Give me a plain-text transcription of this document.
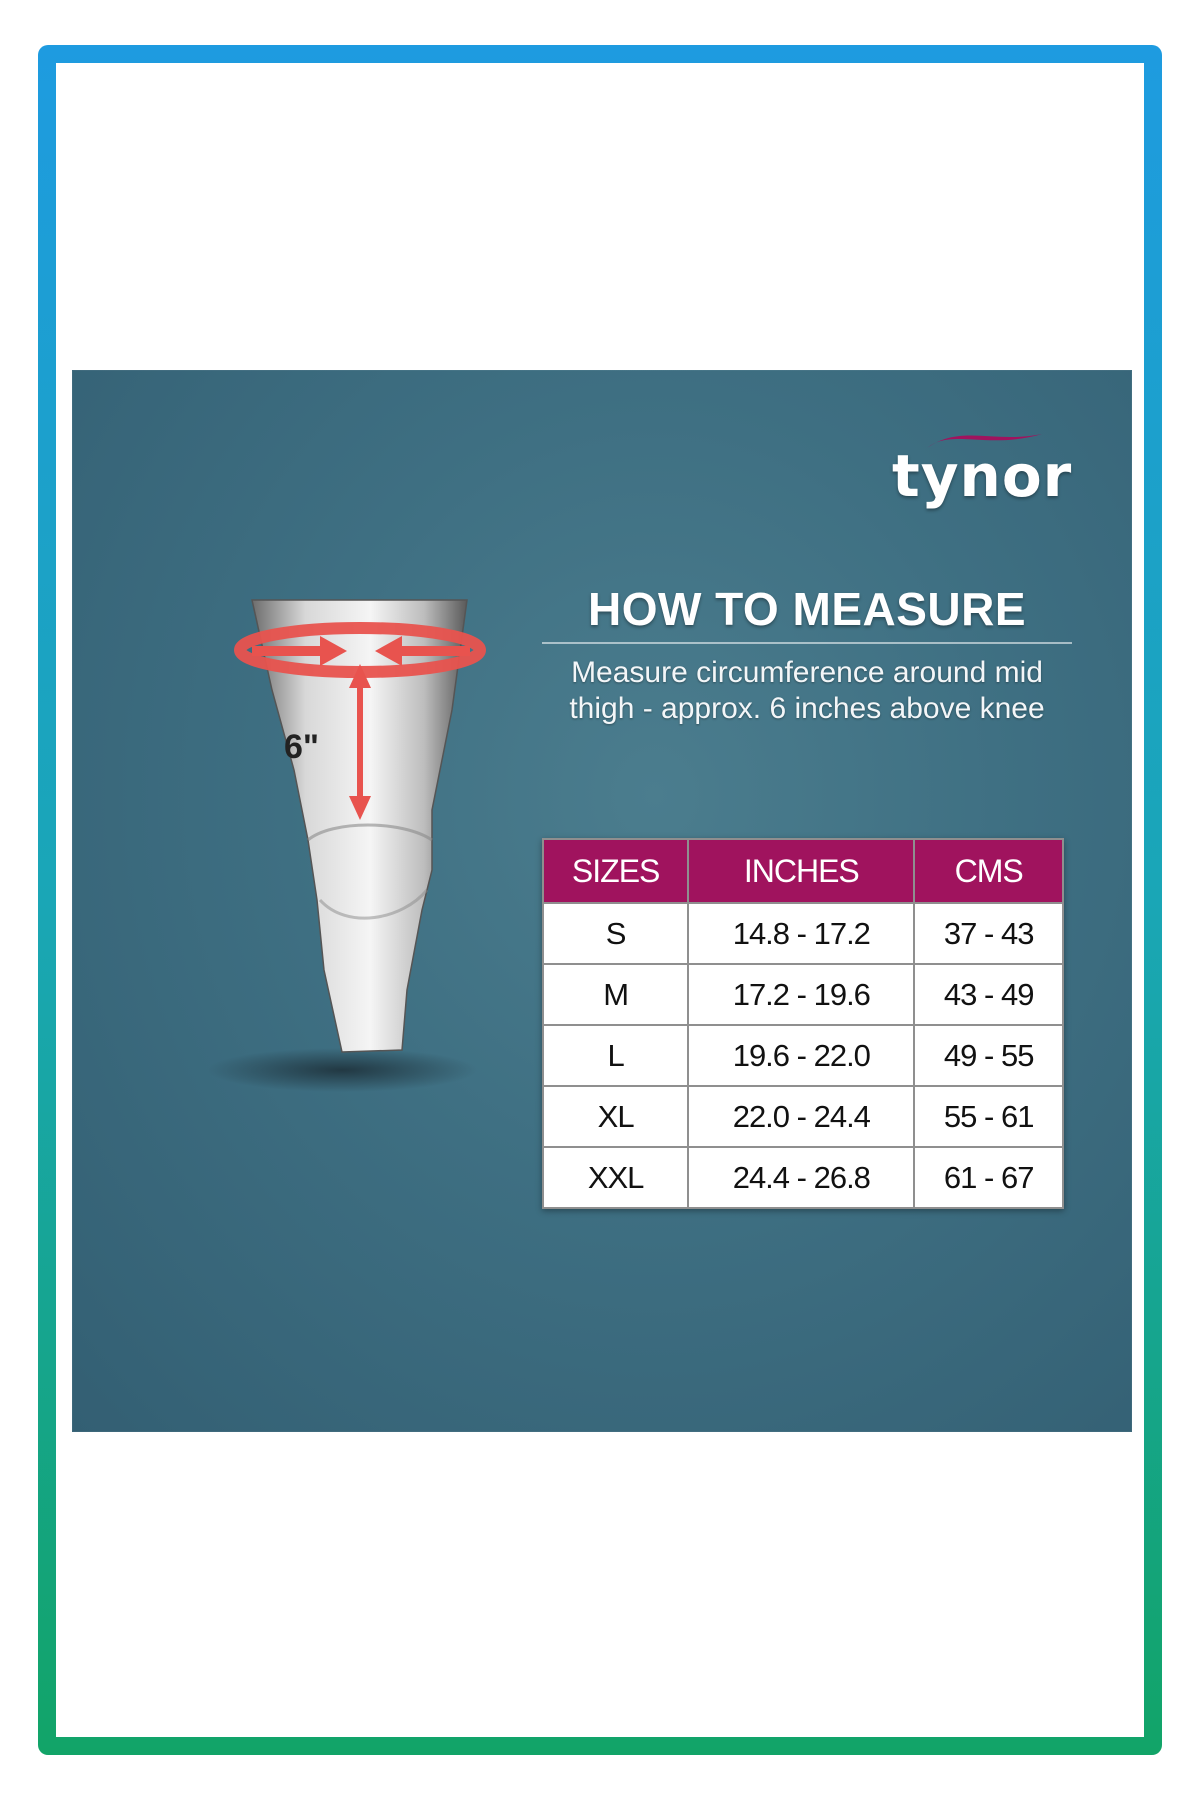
tynor
6"
HOW TO MEASURE
Measure circumference around mid
thigh - approx. 6 inches above knee
SIZES	INCHES	CMS
S	14.8 - 17.2	37 - 43
M	17.2 - 19.6	43 - 49
L	19.6 - 22.0	49 - 55
XL	22.0 - 24.4	55 - 61
XXL	24.4 - 26.8	61 - 67
